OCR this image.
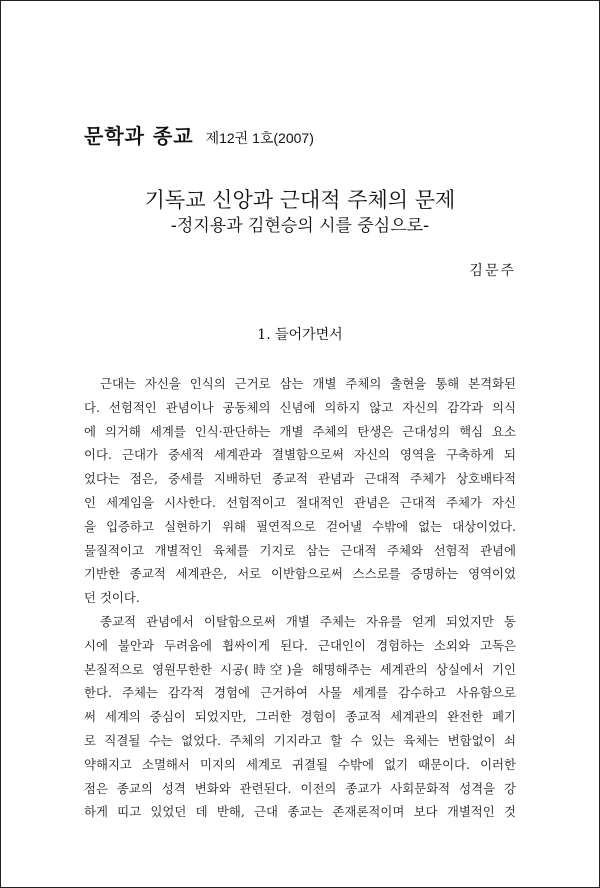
문학과 종교 제12권 1호(2007)
기독교 신앙과 근대적 주체의 문제
-정지용과 김현승의 시를 중심으로-
김문주
1. 들어가면서
근대는 자신을 인식의 근거로 삼는 개별 주체의 출현을 통해 본격화된
다. 선험적인 관념이나 공동체의 신념에 의하지 않고 자신의 감각과 의식
에 의거해 세계를 인식·판단하는 개별 주체의 탄생은 근대성의 핵심 요소
이다. 근대가 중세적 세계관과 결별함으로써 자신의 영역을 구축하게 되
었다는 점은, 중세를 지배하던 종교적 관념과 근대적 주체가 상호배타적
인 세계임을 시사한다. 선험적이고 절대적인 관념은 근대적 주체가 자신
을 입증하고 실현하기 위해 필연적으로 걷어낼 수밖에 없는 대상이었다.
물질적이고 개별적인 육체를 기지로 삼는 근대적 주체와 선험적 관념에
기반한 종교적 세계관은, 서로 이반함으로써 스스로를 증명하는 영역이었
던 것이다.
종교적 관념에서 이탈함으로써 개별 주체는 자유를 얻게 되었지만 동
시에 불안과 두려움에 휩싸이게 된다. 근대인이 경험하는 소외와 고독은
본질적으로 영원무한한 시공(時空)을 해명해주는 세계관의 상실에서 기인
한다. 주체는 감각적 경험에 근거하여 사물 세계를 감수하고 사유함으로
써 세계의 중심이 되었지만, 그러한 경험이 종교적 세계관의 완전한 폐기
로 직결될 수는 없었다. 주체의 기지라고 할 수 있는 육체는 변함없이 쇠
약해지고 소멸해서 미지의 세계로 귀결될 수밖에 없기 때문이다. 이러한
점은 종교의 성격 변화와 관련된다. 이전의 종교가 사회문화적 성격을 강
하게 띠고 있었던 데 반해, 근대 종교는 존재론적이며 보다 개별적인 것
